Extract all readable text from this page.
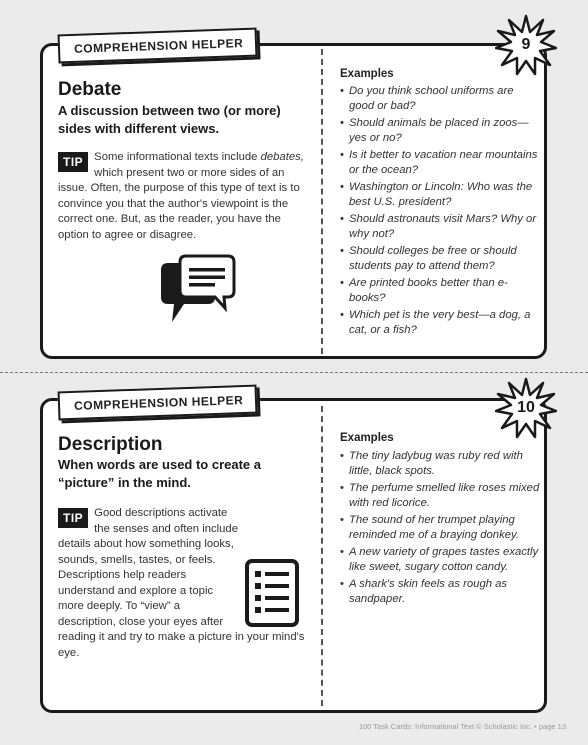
COMPREHENSION HELPER	9
Debate
A discussion between two (or more) sides with different views.
TIP Some informational texts include debates, which present two or more sides of an issue. Often, the purpose of this type of text is to convince you that the author's viewpoint is the correct one. But, as the reader, you have the option to agree or disagree.
Examples
• Do you think school uniforms are good or bad?
• Should animals be placed in zoos—yes or no?
• Is it better to vacation near mountains or the ocean?
• Washington or Lincoln: Who was the best U.S. president?
• Should astronauts visit Mars? Why or why not?
• Should colleges be free or should students pay to attend them?
• Are printed books better than e-books?
• Which pet is the very best—a dog, a cat, or a fish?
COMPREHENSION HELPER	10
Description
When words are used to create a “picture” in the mind.
TIP Good descriptions activate the senses and often include details about how something looks, sounds, smells, tastes, or feels. Descriptions help readers understand and explore a topic more deeply. To “view” a description, close your eyes after reading it and try to make a picture in your mind's eye.
Examples
• The tiny ladybug was ruby red with little, black spots.
• The perfume smelled like roses mixed with red licorice.
• The sound of her trumpet playing reminded me of a braying donkey.
• A new variety of grapes tastes exactly like sweet, sugary cotton candy.
• A shark's skin feels as rough as sandpaper.
100 Task Cards: Informational Text © Scholastic Inc. • page 13
